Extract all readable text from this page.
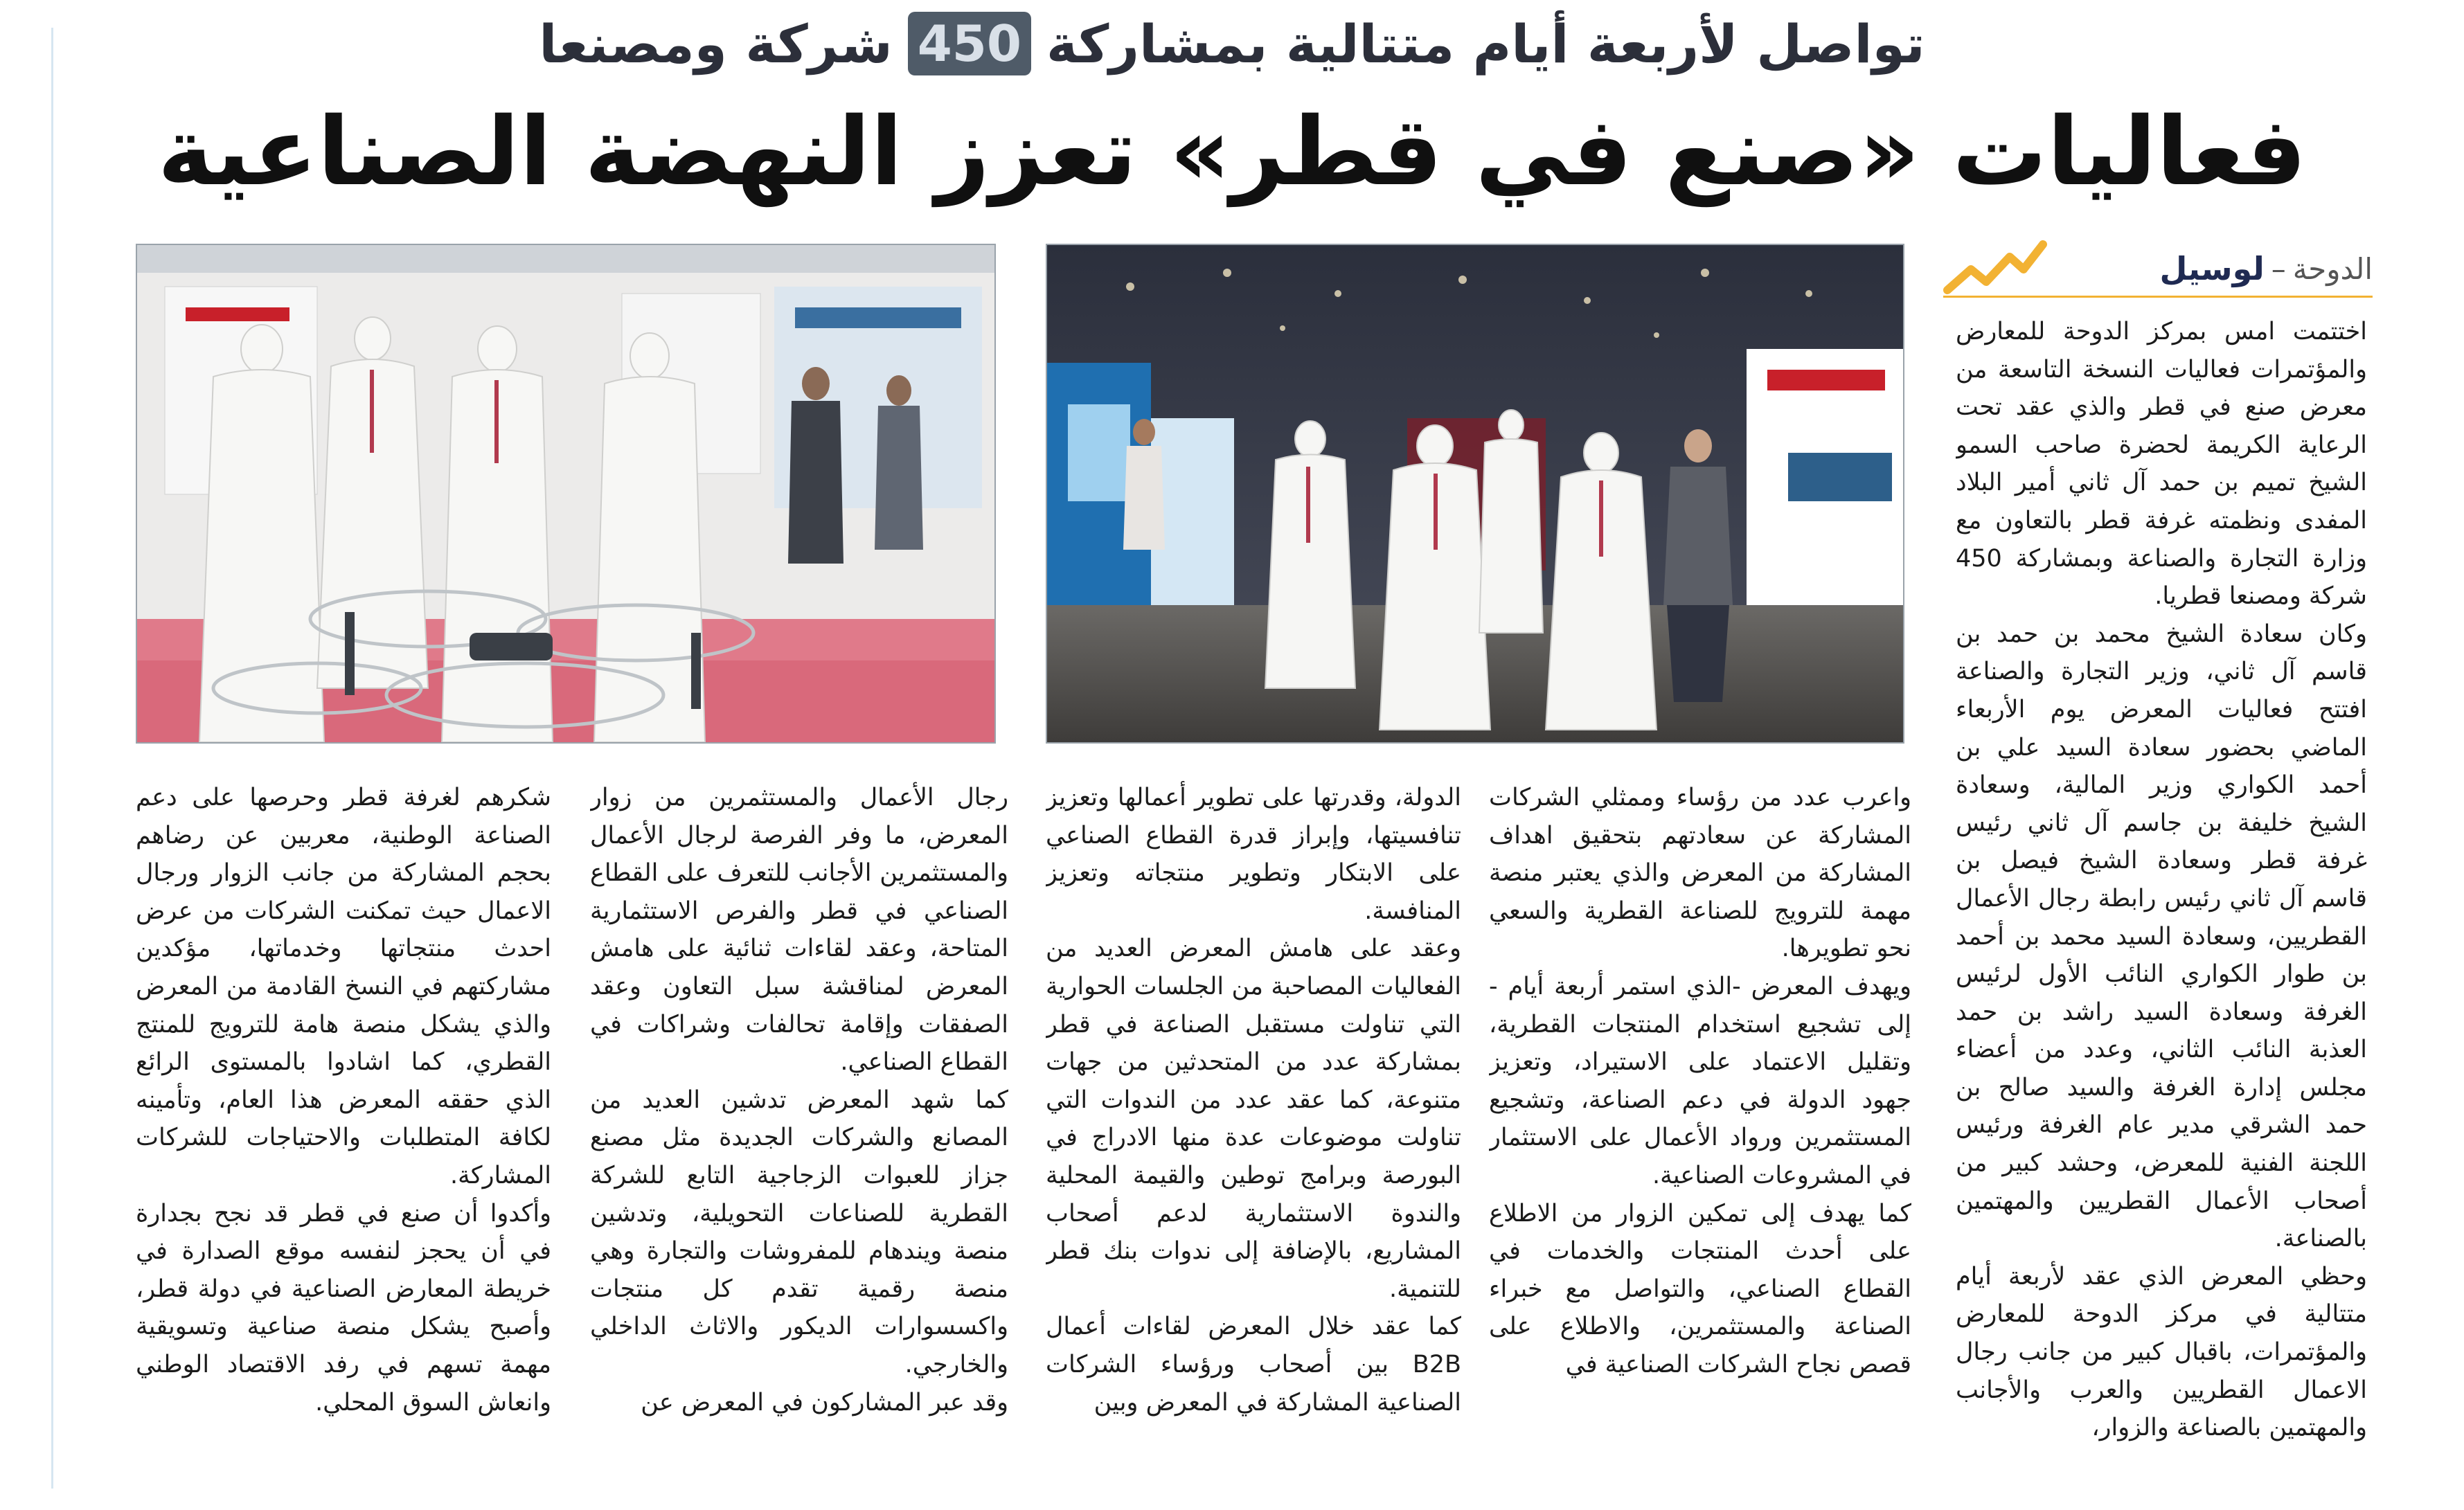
تواصل لأربعة أيام متتالية بمشاركة
450
شركة ومصنعا
فعاليات «صنع في قطر» تعزز النهضة الصناعية
الدوحة
–
لوسيل

اختتمت امس بمركز الدوحة للمعارض والمؤتمرات فعاليات النسخة التاسعة من معرض صنع في قطر والذي عقد تحت الرعاية الكريمة لحضرة صاحب السمو الشيخ تميم بن حمد آل ثاني أمير البلاد المفدى ونظمته غرفة قطر بالتعاون مع وزارة التجارة والصناعة وبمشاركة 450 شركة ومصنعا قطريا.

وكان سعادة الشيخ محمد بن حمد بن قاسم آل ثاني، وزير التجارة والصناعة افتتح فعاليات المعرض يوم الأربعاء الماضي بحضور سعادة السيد علي بن أحمد الكواري وزير المالية، وسعادة الشيخ خليفة بن جاسم آل ثاني رئيس غرفة قطر وسعادة الشيخ فيصل بن قاسم آل ثاني رئيس رابطة رجال الأعمال القطريين، وسعادة السيد محمد بن أحمد بن طوار الكواري النائب الأول لرئيس الغرفة وسعادة السيد راشد بن حمد العذبة النائب الثاني، وعدد من أعضاء مجلس إدارة الغرفة والسيد صالح بن حمد الشرقي مدير عام الغرفة ورئيس اللجنة الفنية للمعرض، وحشد كبير من أصحاب الأعمال القطريين والمهتمين بالصناعة.

وحظي المعرض الذي عقد لأربعة أيام متتالية في مركز الدوحة للمعارض والمؤتمرات، باقبال كبير من جانب رجال الاعمال القطريين والعرب والأجانب والمهتمين بالصناعة والزوار،

واعرب عدد من رؤساء وممثلي الشركات المشاركة عن سعادتهم بتحقيق اهداف المشاركة من المعرض والذي يعتبر منصة مهمة للترويج للصناعة القطرية والسعي نحو تطويرها.

ويهدف المعرض -الذي استمر أربعة أيام - إلى تشجيع استخدام المنتجات القطرية، وتقليل الاعتماد على الاستيراد، وتعزيز جهود الدولة في دعم الصناعة، وتشجيع المستثمرين ورواد الأعمال على الاستثمار في المشروعات الصناعية.

كما يهدف إلى تمكين الزوار من الاطلاع على أحدث المنتجات والخدمات في القطاع الصناعي، والتواصل مع خبراء الصناعة والمستثمرين، والاطلاع على قصص نجاح الشركات الصناعية في

الدولة، وقدرتها على تطوير أعمالها وتعزيز تنافسيتها، وإبراز قدرة القطاع الصناعي على الابتكار وتطوير منتجاته وتعزيز المنافسة.

وعقد على هامش المعرض العديد من الفعاليات المصاحبة من الجلسات الحوارية التي تناولت مستقبل الصناعة في قطر بمشاركة عدد من المتحدثين من جهات متنوعة، كما عقد عدد من الندوات التي تناولت موضوعات عدة منها الادراج في البورصة وبرامج توطين والقيمة المحلية والندوة الاستثمارية لدعم أصحاب المشاريع، بالإضافة إلى ندوات بنك قطر للتنمية.

كما عقد خلال المعرض لقاءات أعمال B2B بين أصحاب ورؤساء الشركات الصناعية المشاركة في المعرض وبين

رجال الأعمال والمستثمرين من زوار المعرض، ما وفر الفرصة لرجال الأعمال والمستثمرين الأجانب للتعرف على القطاع الصناعي في قطر والفرص الاستثمارية المتاحة، وعقد لقاءات ثنائية على هامش المعرض لمناقشة سبل التعاون وعقد الصفقات وإقامة تحالفات وشراكات في القطاع الصناعي.

كما شهد المعرض تدشين العديد من المصانع والشركات الجديدة مثل مصنع جزاز للعبوات الزجاجية التابع للشركة القطرية للصناعات التحويلية، وتدشين منصة ويندهام للمفروشات والتجارة وهي منصة رقمية تقدم كل منتجات واكسسوارات الديكور والاثاث الداخلي والخارجي.

وقد عبر المشاركون في المعرض عن

شكرهم لغرفة قطر وحرصها على دعم الصناعة الوطنية، معربين عن رضاهم بحجم المشاركة من جانب الزوار ورجال الاعمال حيث تمكنت الشركات من عرض احدث منتجاتها وخدماتها، مؤكدين مشاركتهم في النسخ القادمة من المعرض والذي يشكل منصة هامة للترويج للمنتج القطري، كما اشادوا بالمستوى الرائع الذي حققه المعرض هذا العام، وتأمينه لكافة المتطلبات والاحتياجات للشركات المشاركة.

وأكدوا أن صنع في قطر قد نجح بجدارة في أن يحجز لنفسه موقع الصدارة في خريطة المعارض الصناعية في دولة قطر، وأصبح يشكل منصة صناعية وتسويقية مهمة تسهم في رفد الاقتصاد الوطني وانعاش السوق المحلي.
